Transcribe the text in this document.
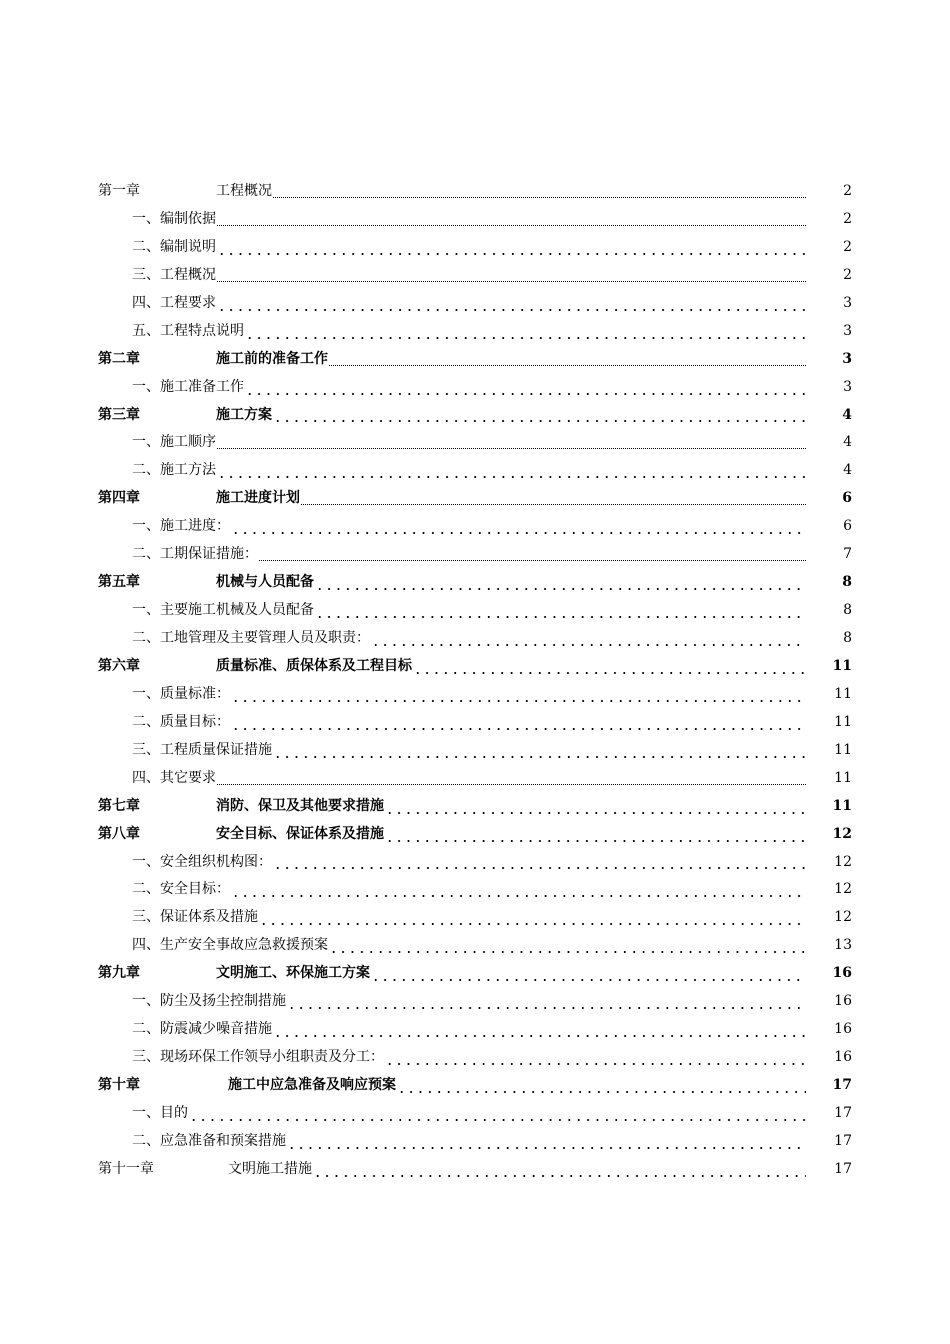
第一章	工程概况	2
一、编制依据	2
二、编制说明	2
三、工程概况	2
四、工程要求	3
五、工程特点说明	3
第二章	施工前的准备工作	3
一、施工准备工作	3
第三章	施工方案	4
一、施工顺序	4
二、施工方法	4
第四章	施工进度计划	6
一、施工进度：	6
二、工期保证措施：	7
第五章	机械与人员配备	8
一、主要施工机械及人员配备	8
二、工地管理及主要管理人员及职责：	8
第六章	质量标准、质保体系及工程目标	11
一、质量标准：	11
二、质量目标：	11
三、工程质量保证措施	11
四、其它要求	11
第七章	消防、保卫及其他要求措施	11
第八章	安全目标、保证体系及措施	12
一、安全组织机构图：	12
二、安全目标：	12
三、保证体系及措施	12
四、生产安全事故应急救援预案	13
第九章	文明施工、环保施工方案	16
一、防尘及扬尘控制措施	16
二、防震减少噪音措施	16
三、现场环保工作领导小组职责及分工：	16
第十章	施工中应急准备及响应预案	17
一、目的	17
二、应急准备和预案措施	17
第十一章	文明施工措施	17
